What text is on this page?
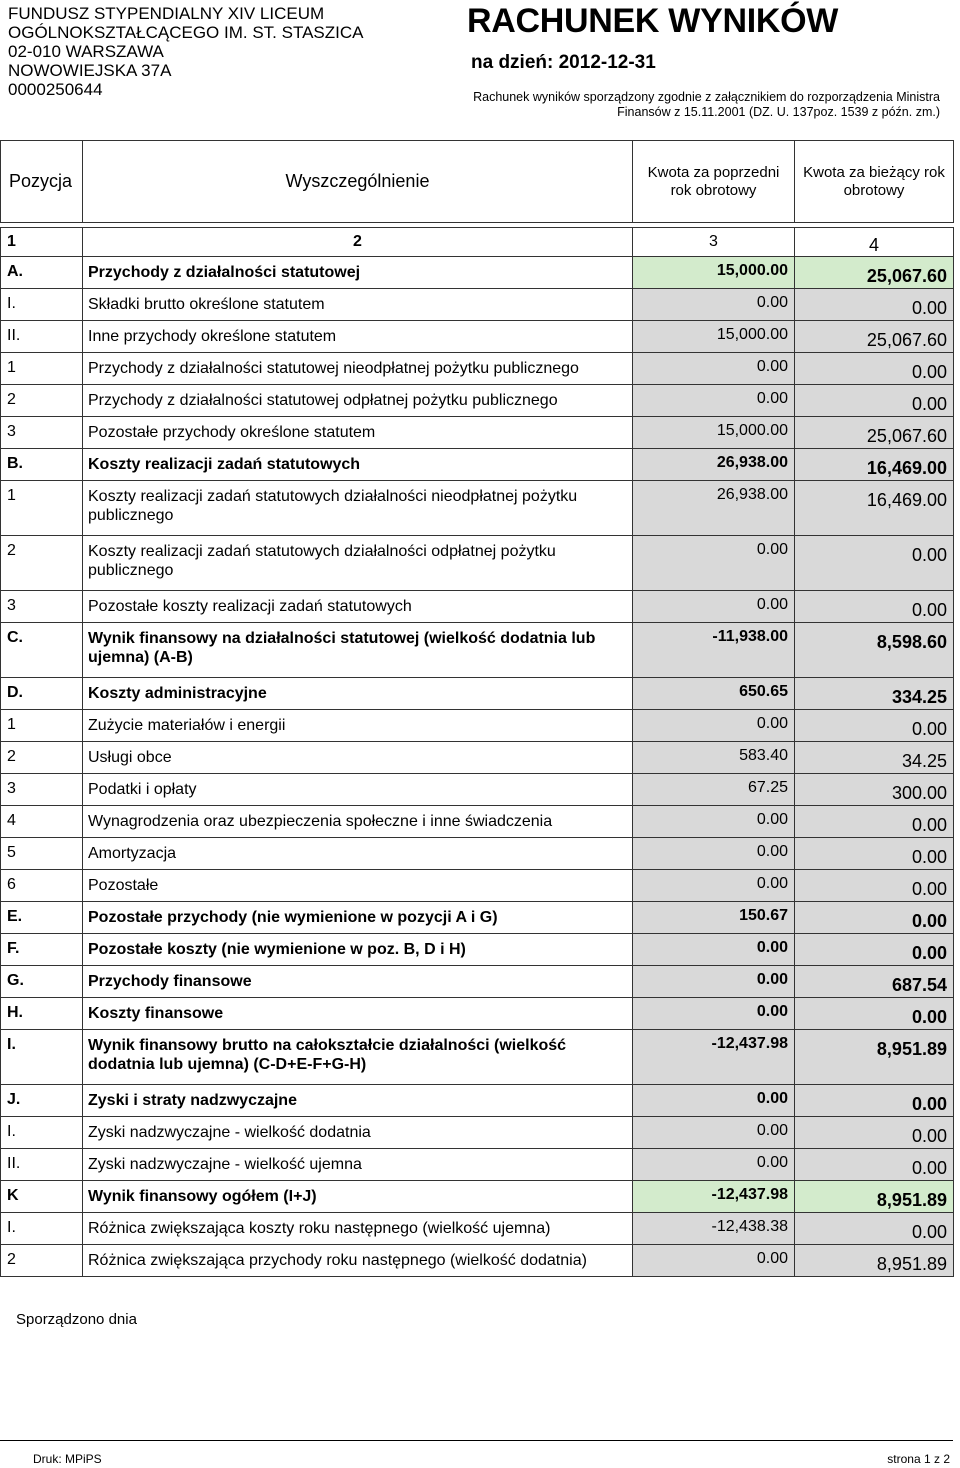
FUNDUSZ STYPENDIALNY XIV LICEUM
OGÓLNOKSZTAŁCĄCEGO IM. ST. STASZICA
02-010 WARSZAWA
NOWOWIEJSKA 37A
0000250644
RACHUNEK WYNIKÓW
na dzień: 2012-12-31
Rachunek wyników sporządzony zgodnie z załącznikiem do rozporządzenia Ministra Finansów z 15.11.2001 (DZ. U. 137poz. 1539 z późn. zm.)
Pozycja	Wyszczególnienie	Kwota za poprzedni rok obrotowy	Kwota za bieżący rok obrotowy

1	2	3	4
A.	Przychody z działalności statutowej	15,000.00	25,067.60
I.	Składki brutto określone statutem	0.00	0.00
II.	Inne przychody określone statutem	15,000.00	25,067.60
1	Przychody z działalności statutowej nieodpłatnej pożytku publicznego	0.00	0.00
2	Przychody z działalności statutowej odpłatnej pożytku publicznego	0.00	0.00
3	Pozostałe przychody określone statutem	15,000.00	25,067.60
B.	Koszty realizacji zadań statutowych	26,938.00	16,469.00
1	Koszty realizacji zadań statutowych działalności nieodpłatnej pożytku publicznego	26,938.00	16,469.00
2	Koszty realizacji zadań statutowych działalności odpłatnej pożytku publicznego	0.00	0.00
3	Pozostałe koszty realizacji zadań statutowych	0.00	0.00
C.	Wynik finansowy na działalności statutowej (wielkość dodatnia lub ujemna) (A-B)	-11,938.00	8,598.60
D.	Koszty administracyjne	650.65	334.25
1	Zużycie materiałów i energii	0.00	0.00
2	Usługi obce	583.40	34.25
3	Podatki i opłaty	67.25	300.00
4	Wynagrodzenia oraz ubezpieczenia społeczne i inne świadczenia	0.00	0.00
5	Amortyzacja	0.00	0.00
6	Pozostałe	0.00	0.00
E.	Pozostałe przychody (nie wymienione w pozycji A i G)	150.67	0.00
F.	Pozostałe koszty (nie wymienione w poz. B, D i H)	0.00	0.00
G.	Przychody finansowe	0.00	687.54
H.	Koszty finansowe	0.00	0.00
I.	Wynik finansowy brutto na całokształcie działalności (wielkość dodatnia lub ujemna) (C-D+E-F+G-H)	-12,437.98	8,951.89
J.	Zyski i straty nadzwyczajne	0.00	0.00
I.	Zyski nadzwyczajne - wielkość dodatnia	0.00	0.00
II.	Zyski nadzwyczajne - wielkość ujemna	0.00	0.00
K	Wynik finansowy ogółem (I+J)	-12,437.98	8,951.89
I.	Różnica zwiększająca koszty roku następnego (wielkość ujemna)	-12,438.38	0.00
2	Różnica zwiększająca przychody roku następnego (wielkość dodatnia)	0.00	8,951.89
Sporządzono dnia
Druk: MPiPS	strona 1 z 2
